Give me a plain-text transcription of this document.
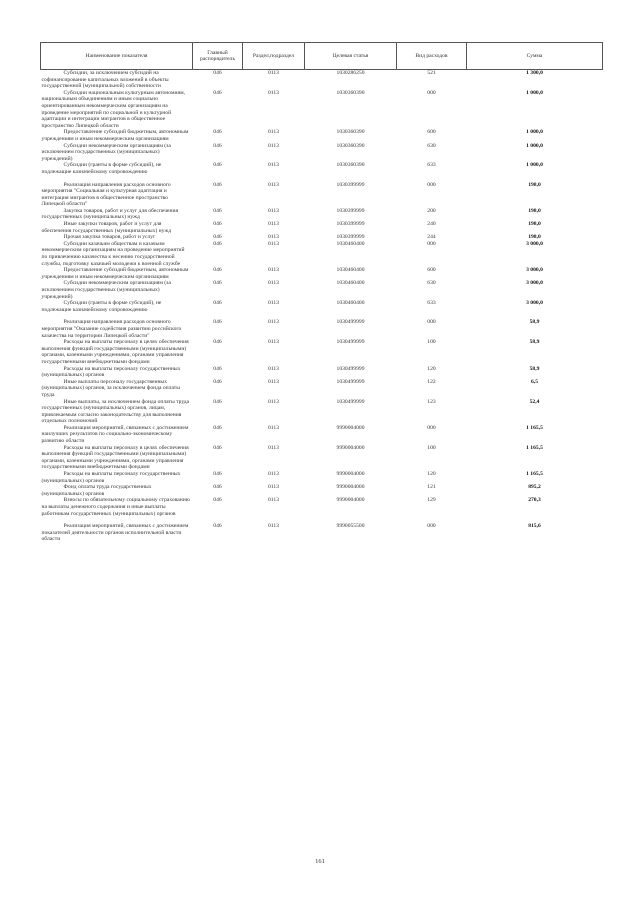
Наименование показателя	Главный распорядитель	Раздел,подраздел	Целевая статья	Вид расходов	Сумма

Субсидии, за исключением субсидий на софинансирование капитальных вложений в объекты государственной (муниципальной) собственности	046	0113	1030286250	521	1 300,0

Субсидии национальным культурным автономиям, национальным объединениям и иным социально ориентированным некоммерческим организациям на проведение мероприятий по социальной и культурной адаптации и интеграции мигрантов в общественное пространство Липецкой области	046	0113	1030360390	000	1 000,0

Предоставление субсидий бюджетным, автономным учреждениям и иным некоммерческим организациям	046	0113	1030360390	600	1 000,0

Субсидии некоммерческим организациям (за исключением государственных (муниципальных) учреждений)	046	0113	1030360390	630	1 000,0

Субсидии (гранты в форме субсидий), не подлежащие казначейскому сопровождению	046	0113	1030360390	633	1 000,0

Реализация направления расходов основного мероприятия "Социальная и культурная адаптация и интеграция мигрантов в общественное пространство Липецкой области"	046	0113	1030399999	000	198,0

Закупка товаров, работ и услуг для обеспечения государственных (муниципальных) нужд	046	0113	1030399999	200	198,0

Иные закупки товаров, работ и услуг для обеспечения государственных (муниципальных) нужд	046	0113	1030399999	240	198,0

Прочая закупка товаров, работ и услуг	046	0113	1030399999	244	198,0

Субсидии казачьим обществам и казачьим некоммерческим организациям на проведение мероприятий по привлечению казачества к несению государственной службы, подготовку казачьей молодежи к военной службе	046	0113	1030460400	000	3 000,0

Предоставление субсидий бюджетным, автономным учреждениям и иным некоммерческим организациям	046	0113	1030460400	600	3 000,0

Субсидии некоммерческим организациям (за исключением государственных (муниципальных) учреждений)	046	0113	1030460400	630	3 000,0

Субсидии (гранты в форме субсидий), не подлежащие казначейскому сопровождению	046	0113	1030460400	633	3 000,0

Реализация направления расходов основного мероприятия "Оказание содействия развитию российского казачества на территории Липецкой области"	046	0113	1030499999	000	58,9

Расходы на выплаты персоналу в целях обеспечения выполнения функций государственными (муниципальными) органами, казенными учреждениями, органами управления государственными внебюджетными фондами	046	0113	1030499999	100	58,9

Расходы на выплаты персоналу государственных (муниципальных) органов	046	0113	1030499999	120	58,9

Иные выплаты персоналу государственных (муниципальных) органов, за исключением фонда оплаты труда	046	0113	1030499999	122	6,5

Иные выплаты, за исключением фонда оплаты труда государственных (муниципальных) органов, лицам, привлекаемым согласно законодательству для выполнения отдельных полномочий	046	0113	1030499999	123	52,4

Реализация мероприятий, связанных с достижением наилучших результатов по социально-экономическому развитию области	046	0113	9990004000	000	1 165,5

Расходы на выплаты персоналу в целях обеспечения выполнения функций государственными (муниципальными) органами, казенными учреждениями, органами управления государственными внебюджетными фондами	046	0113	9990004000	100	1 165,5

Расходы на выплаты персоналу государственных (муниципальных) органов	046	0113	9990004000	120	1 165,5

Фонд оплаты труда государственных (муниципальных) органов	046	0113	9990004000	121	895,2

Взносы по обязательному социальному страхованию на выплаты денежного содержания и иные выплаты работникам государственных (муниципальных) органов	046	0113	9990004000	129	270,3

Реализация мероприятий, связанных с достижением показателей деятельности органов исполнительной власти области	046	0113	9990055500	000	815,6
161
